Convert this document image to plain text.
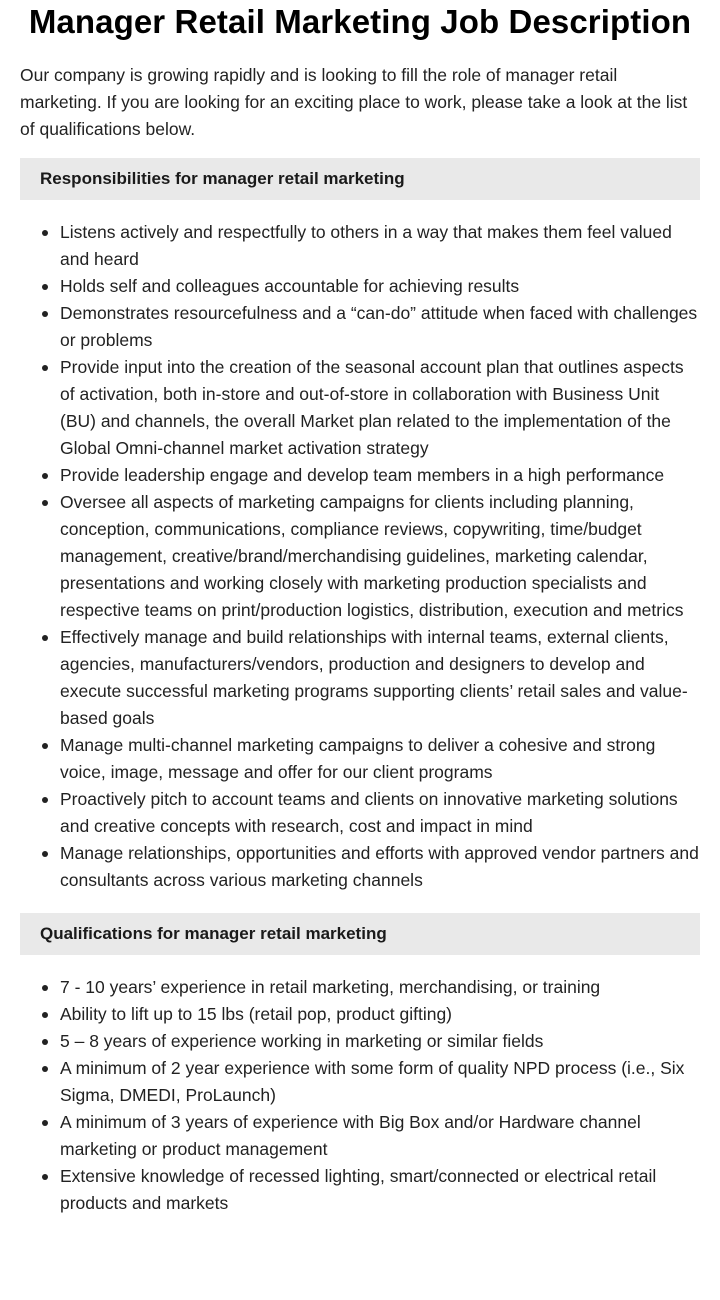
Manager Retail Marketing Job Description

Our company is growing rapidly and is looking to fill the role of manager retail marketing. If you are looking for an exciting place to work, please take a look at the list of qualifications below.

Responsibilities for manager retail marketing
Listens actively and respectfully to others in a way that makes them feel valued and heard
Holds self and colleagues accountable for achieving results
Demonstrates resourcefulness and a “can-do” attitude when faced with challenges or problems
Provide input into the creation of the seasonal account plan that outlines aspects of activation, both in-store and out-of-store in collaboration with Business Unit (BU) and channels, the overall Market plan related to the implementation of the Global Omni-channel market activation strategy
Provide leadership engage and develop team members in a high performance
Oversee all aspects of marketing campaigns for clients including planning, conception, communications, compliance reviews, copywriting, time/budget management, creative/brand/merchandising guidelines, marketing calendar, presentations and working closely with marketing production specialists and respective teams on print/production logistics, distribution, execution and metrics
Effectively manage and build relationships with internal teams, external clients, agencies, manufacturers/vendors, production and designers to develop and execute successful marketing programs supporting clients’ retail sales and value-based goals
Manage multi-channel marketing campaigns to deliver a cohesive and strong voice, image, message and offer for our client programs
Proactively pitch to account teams and clients on innovative marketing solutions and creative concepts with research, cost and impact in mind
Manage relationships, opportunities and efforts with approved vendor partners and consultants across various marketing channels
Qualifications for manager retail marketing
7 - 10 years’ experience in retail marketing, merchandising, or training
Ability to lift up to 15 lbs (retail pop, product gifting)
5 – 8 years of experience working in marketing or similar fields
A minimum of 2 year experience with some form of quality NPD process (i.e., Six Sigma, DMEDI, ProLaunch)
A minimum of 3 years of experience with Big Box and/or Hardware channel marketing or product management
Extensive knowledge of recessed lighting, smart/connected or electrical retail products and markets
